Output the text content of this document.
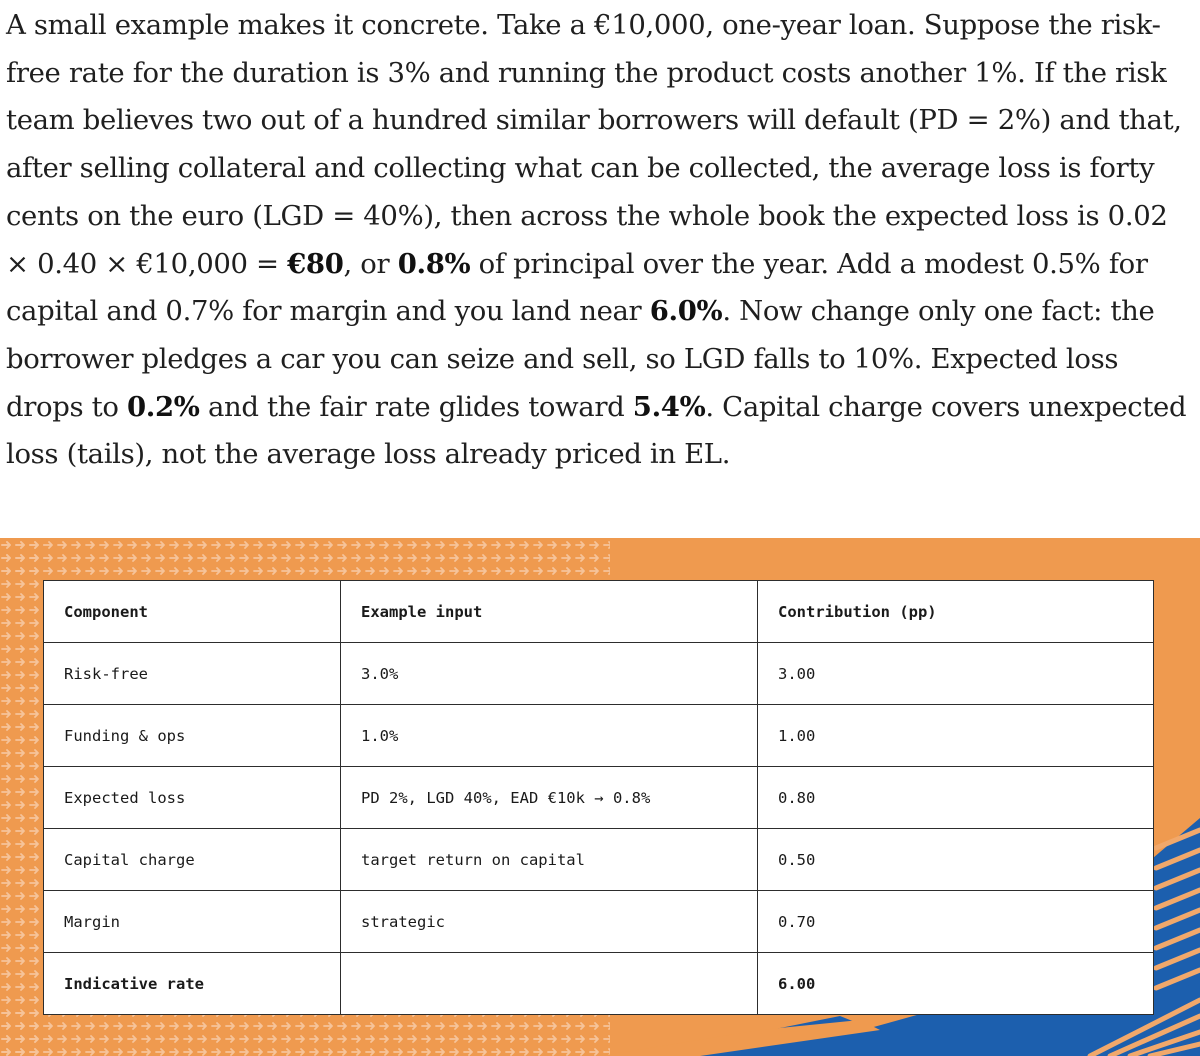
A small example makes it concrete. Take a €10,000, one-year loan. Suppose the risk-free rate for the duration is 3% and running the product costs another 1%. If the risk team believes two out of a hundred similar borrowers will default (PD = 2%) and that, after selling collateral and collecting what can be collected, the average loss is forty cents on the euro (LGD = 40%), then across the whole book the expected loss is 0.02 × 0.40 × €10,000 = €80, or 0.8% of principal over the year. Add a modest 0.5% for capital and 0.7% for margin and you land near 6.0%. Now change only one fact: the borrower pledges a car you can seize and sell, so LGD falls to 10%. Expected loss drops to 0.2% and the fair rate glides toward 5.4%. Capital charge covers unexpected loss (tails), not the average loss already priced in EL.

Component	Example input	Contribution (pp)
Risk-free	3.0%	3.00
Funding & ops	1.0%	1.00
Expected loss	PD 2%, LGD 40%, EAD €10k → 0.8%	0.80
Capital charge	target return on capital	0.50
Margin	strategic	0.70
Indicative rate		6.00
